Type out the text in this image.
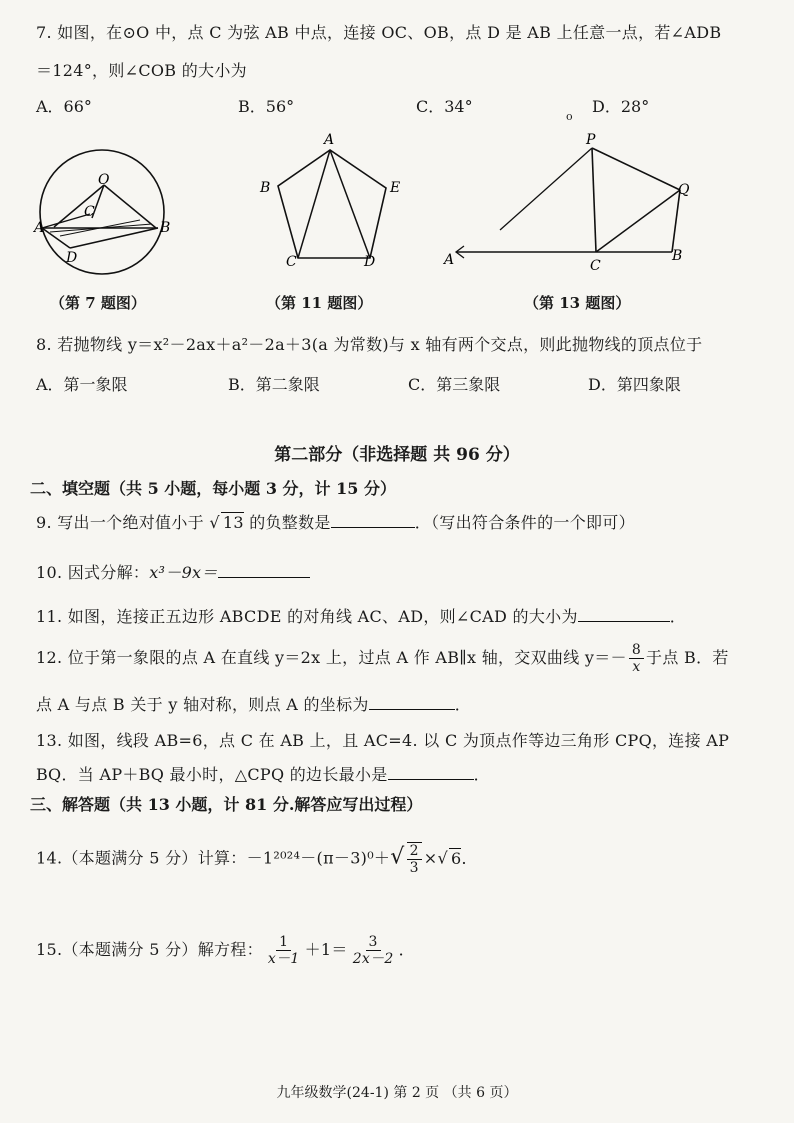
7. 如图，在⊙O 中，点 C 为弦 AB 中点，连接 OC、OB，点 D 是 AB 上任意一点，若∠ADB
＝124°，则∠COB 的大小为
A．66°	B．56°	C．34°	D．28°
o
O
C
A	B
D
A
B	E
C	D
P
Q
A	C
B
（第 7 题图）	（第 11 题图）	（第 13 题图）
8. 若抛物线 y＝x²－2ax＋a²－2a＋3(a 为常数)与 x 轴有两个交点，则此抛物线的顶点位于
A．第一象限	B．第二象限	C．第三象限	D．第四象限
第二部分（非选择题 共 96 分）
二、填空题（共 5 小题，每小题 3 分，计 15 分）
9. 写出一个绝对值小于 √ 13 的负整数是	．（写出符合条件的一个即可）
10. 因式分解：x³－9x＝
11. 如图，连接正五边形 ABCDE 的对角线 AC、AD，则∠CAD 的大小为	．
12. 位于第一象限的点 A 在直线 y＝2x 上，过点 A 作 AB∥x 轴，交双曲线 $y=- \frac{8}{x}$ 于点 B．若
点 A 与点 B 关于 y 轴对称，则点 A 的坐标为	．
13. 如图，线段 AB=6，点 C 在 AB 上，且 AC=4. 以 C 为顶点作等边三角形 CPQ，连接 AP
BQ．当 AP＋BQ 最小时，△CPQ 的边长最小是	．
三、解答题（共 13 小题，计 81 分.解答应写出过程）
14.（本题满分 5 分）计算：$-1^{2024}-(\pi-3)^0+√ \frac{2}{3}$ ×√ 6．
15.（本题满分 5 分）解方程： $\frac{1}{x-1} +1= \frac{3}{2x-2}$ ．
九年级数学(24-1) 第 2 页 （共 6 页）
